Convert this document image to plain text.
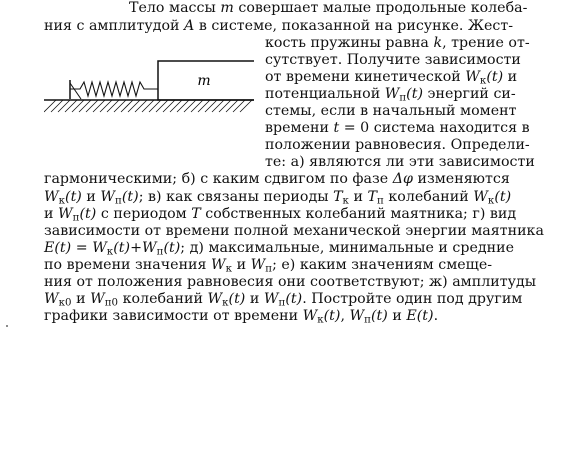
m
Тело массы m совершает малые продольные колеба-
ния с амплитудой A в системе, показанной на рисунке. Жест-
кость пружины равна k, трение от-
сутствует. Получите зависимости
от времени кинетической $W_к(t)$ и
потенциальной $W_п(t)$ энергий си-
стемы, если в начальный момент
времени t = 0 система находится в
положении равновесия. Определи-
те: а) являются ли эти зависимости
гармоническими; б) с каким сдвигом по фазе Δφ изменяются
$W_к(t)$ и $W_п(t)$; в) как связаны периоды $T_к$ и $T_п$ колебаний $W_к(t)$
и $W_п(t)$ с периодом T собственных колебаний маятника; г) вид
зависимости от времени полной механической энергии маятника
$E(t) = W_к(t)+W_п(t)$; д) максимальные, минимальные и средние
по времени значения $W_к$ и $W_п$; е) каким значениям смеще-
ния от положения равновесия они соответствуют; ж) амплитуды
$W_{к0}$ и $W_{п0}$ колебаний $W_к(t)$ и $W_п(t)$. Постройте один под другим
графики зависимости от времени $W_к(t)$, $W_п(t)$ и E(t).
